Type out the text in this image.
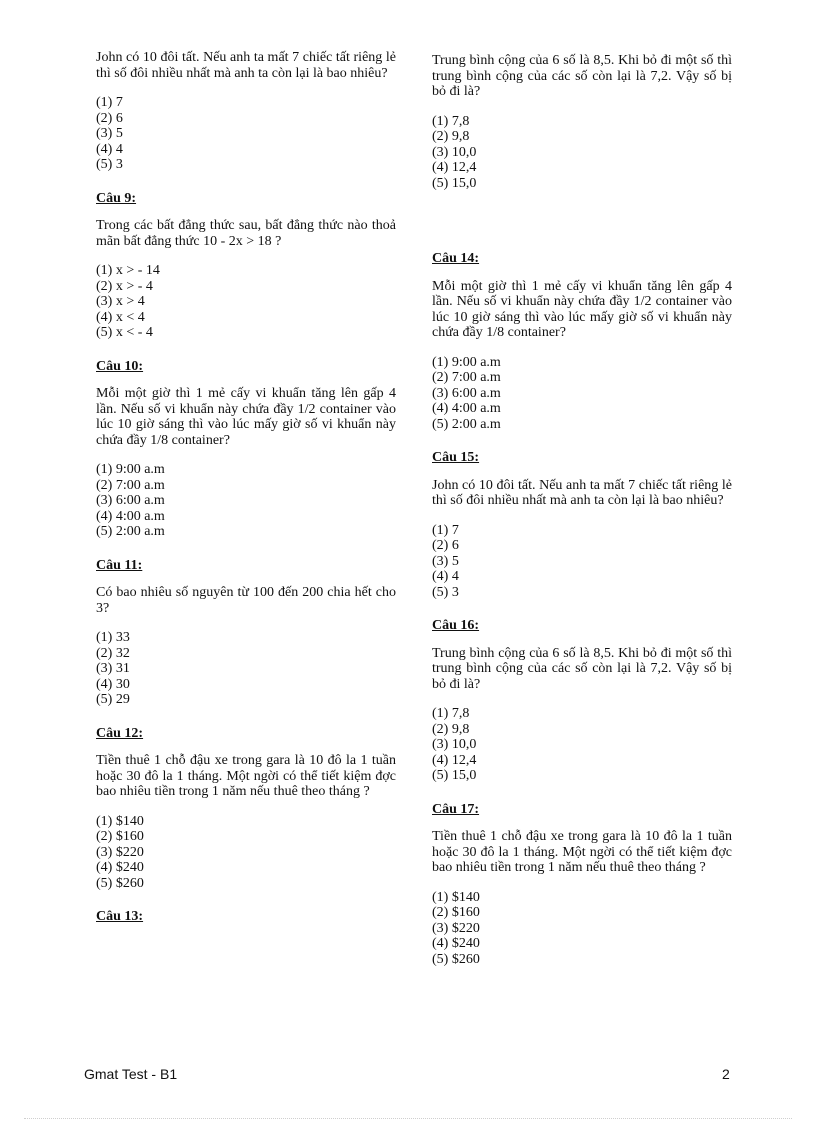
John có 10 đôi tất. Nếu anh ta mất 7 chiếc tất riêng lẻ thì số đôi nhiều nhất mà anh ta còn lại là bao nhiêu?

(1) 7
(2) 6
(3) 5
(4) 4
(5) 3
Câu 9:

Trong các bất đẳng thức sau, bất đẳng thức nào thoả mãn bất đẳng thức 10 - 2x > 18 ?

(1) x > - 14
(2) x > - 4
(3) x > 4
(4) x < 4
(5) x < - 4
Câu 10:

Mỗi một giờ thì 1 mẻ cấy vi khuẩn tăng lên gấp 4 lần. Nếu số vi khuẩn này chứa đầy 1/2 container vào lúc 10 giờ sáng thì vào lúc mấy giờ số vi khuẩn này chứa đầy 1/8 container?

(1) 9:00 a.m
(2) 7:00 a.m
(3) 6:00 a.m
(4) 4:00 a.m
(5) 2:00 a.m
Câu 11:

Có bao nhiêu số nguyên từ 100 đến 200 chia hết cho 3?

(1) 33
(2) 32
(3) 31
(4) 30
(5) 29
Câu 12:

Tiền thuê 1 chỗ đậu xe trong gara là 10 đô la 1 tuần hoặc 30 đô la 1 tháng. Một ngời có thể tiết kiệm đợc bao nhiêu tiền trong 1 năm nếu thuê theo tháng ?

(1) $140
(2) $160
(3) $220
(4) $240
(5) $260
Câu 13:

Trung bình cộng của 6 số là 8,5. Khi bỏ đi một số thì trung bình cộng của các số còn lại là 7,2. Vậy số bị bỏ đi là?

(1) 7,8
(2) 9,8
(3) 10,0
(4) 12,4
(5) 15,0
Câu 14:

Mỗi một giờ thì 1 mẻ cấy vi khuẩn tăng lên gấp 4 lần. Nếu số vi khuẩn này chứa đầy 1/2 container vào lúc 10 giờ sáng thì vào lúc mấy giờ số vi khuẩn này chứa đầy 1/8 container?

(1) 9:00 a.m
(2) 7:00 a.m
(3) 6:00 a.m
(4) 4:00 a.m
(5) 2:00 a.m
Câu 15:

John có 10 đôi tất. Nếu anh ta mất 7 chiếc tất riêng lẻ thì số đôi nhiều nhất mà anh ta còn lại là bao nhiêu?

(1) 7
(2) 6
(3) 5
(4) 4
(5) 3
Câu 16:

Trung bình cộng của 6 số là 8,5. Khi bỏ đi một số thì trung bình cộng của các số còn lại là 7,2. Vậy số bị bỏ đi là?

(1) 7,8
(2) 9,8
(3) 10,0
(4) 12,4
(5) 15,0
Câu 17:

Tiền thuê 1 chỗ đậu xe trong gara là 10 đô la 1 tuần hoặc 30 đô la 1 tháng. Một ngời có thể tiết kiệm đợc bao nhiêu tiền trong 1 năm nếu thuê theo tháng ?

(1) $140
(2) $160
(3) $220
(4) $240
(5) $260
Gmat Test - B1	2
